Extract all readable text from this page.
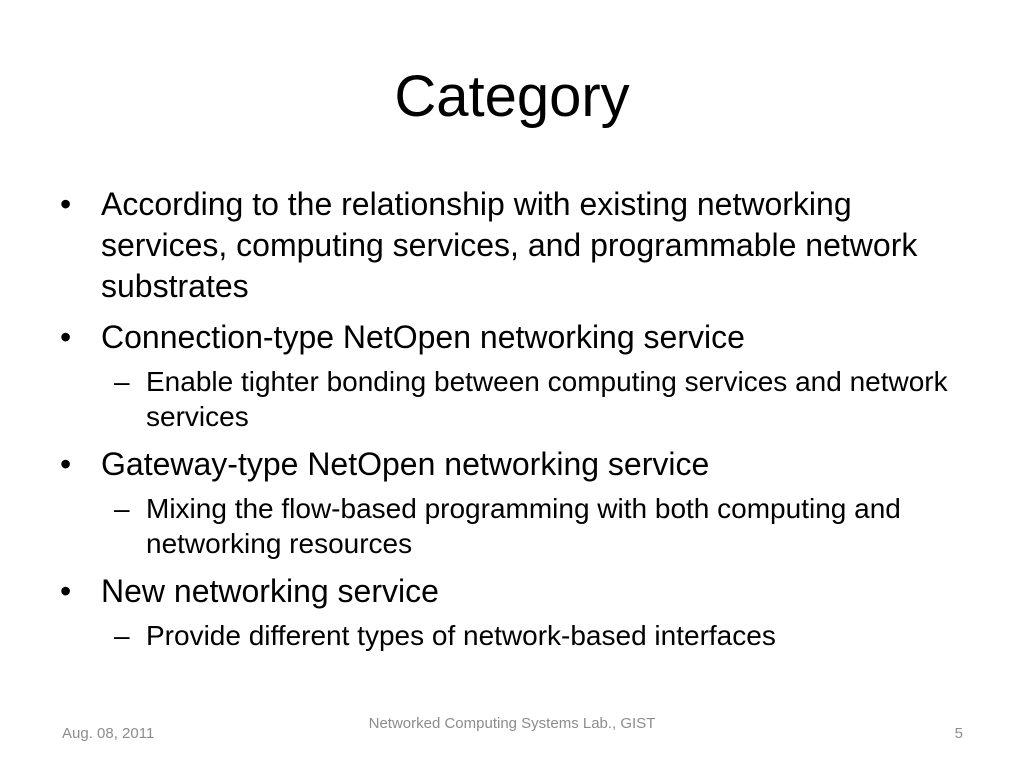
Category
• According to the relationship with existing networking services, computing services, and programmable network substrates
• Connection-type NetOpen networking service
– Enable tighter bonding between computing services and network services
• Gateway-type NetOpen networking service
– Mixing the flow-based programming with both computing and networking resources
• New networking service
– Provide different types of network-based interfaces
Aug. 08, 2011
Networked Computing Systems Lab., GIST
5
